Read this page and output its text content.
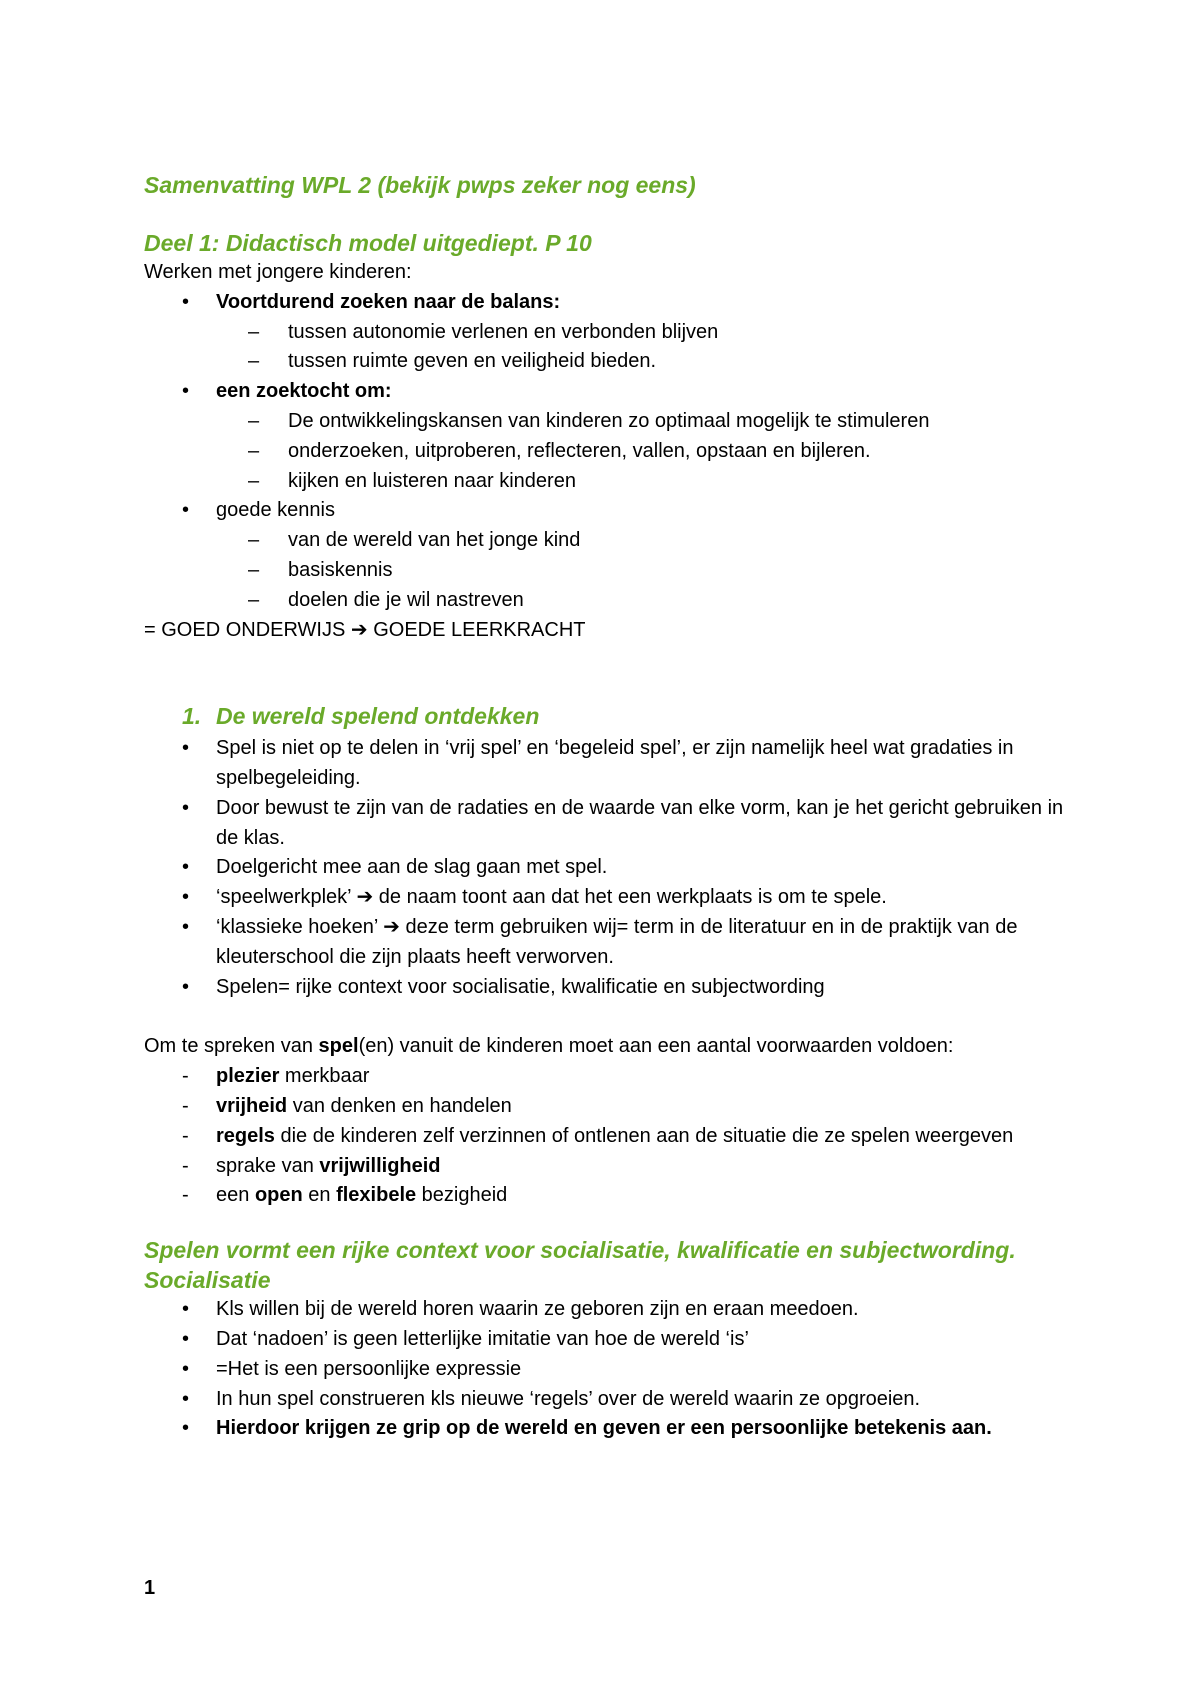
Samenvatting WPL 2 (bekijk pwps zeker nog eens)

Deel 1: Didactisch model uitgediept. P 10

Werken met jongere kinderen:

• Voortdurend zoeken naar de balans:
– tussen autonomie verlenen en verbonden blijven
– tussen ruimte geven en veiligheid bieden.
• een zoektocht om:
– De ontwikkelingskansen van kinderen zo optimaal mogelijk te stimuleren
– onderzoeken, uitproberen, reflecteren, vallen, opstaan en bijleren.
– kijken en luisteren naar kinderen
• goede kennis
– van de wereld van het jonge kind
– basiskennis
– doelen die je wil nastreven

= GOED ONDERWIJS ➔ GOEDE LEERKRACHT

1. De wereld spelend ontdekken
• Spel is niet op te delen in ‘vrij spel’ en ‘begeleid spel’, er zijn namelijk heel wat gradaties in spelbegeleiding.
• Door bewust te zijn van de radaties en de waarde van elke vorm, kan je het gericht gebruiken in de klas.
• Doelgericht mee aan de slag gaan met spel.
• ‘speelwerkplek’ ➔ de naam toont aan dat het een werkplaats is om te spele.
• ‘klassieke hoeken’ ➔ deze term gebruiken wij= term in de literatuur en in de praktijk van de kleuterschool die zijn plaats heeft verworven.
• Spelen= rijke context voor socialisatie, kwalificatie en subjectwording

Om te spreken van spel(en) vanuit de kinderen moet aan een aantal voorwaarden voldoen:

- plezier merkbaar
- vrijheid van denken en handelen
- regels die de kinderen zelf verzinnen of ontlenen aan de situatie die ze spelen weergeven
- sprake van vrijwilligheid
- een open en flexibele bezigheid

Spelen vormt een rijke context voor socialisatie, kwalificatie en subjectwording.

Socialisatie

• Kls willen bij de wereld horen waarin ze geboren zijn en eraan meedoen.
• Dat ‘nadoen’ is geen letterlijke imitatie van hoe de wereld ‘is’
• =Het is een persoonlijke expressie
• In hun spel construeren kls nieuwe ‘regels’ over de wereld waarin ze opgroeien.
• Hierdoor krijgen ze grip op de wereld en geven er een persoonlijke betekenis aan.
1
